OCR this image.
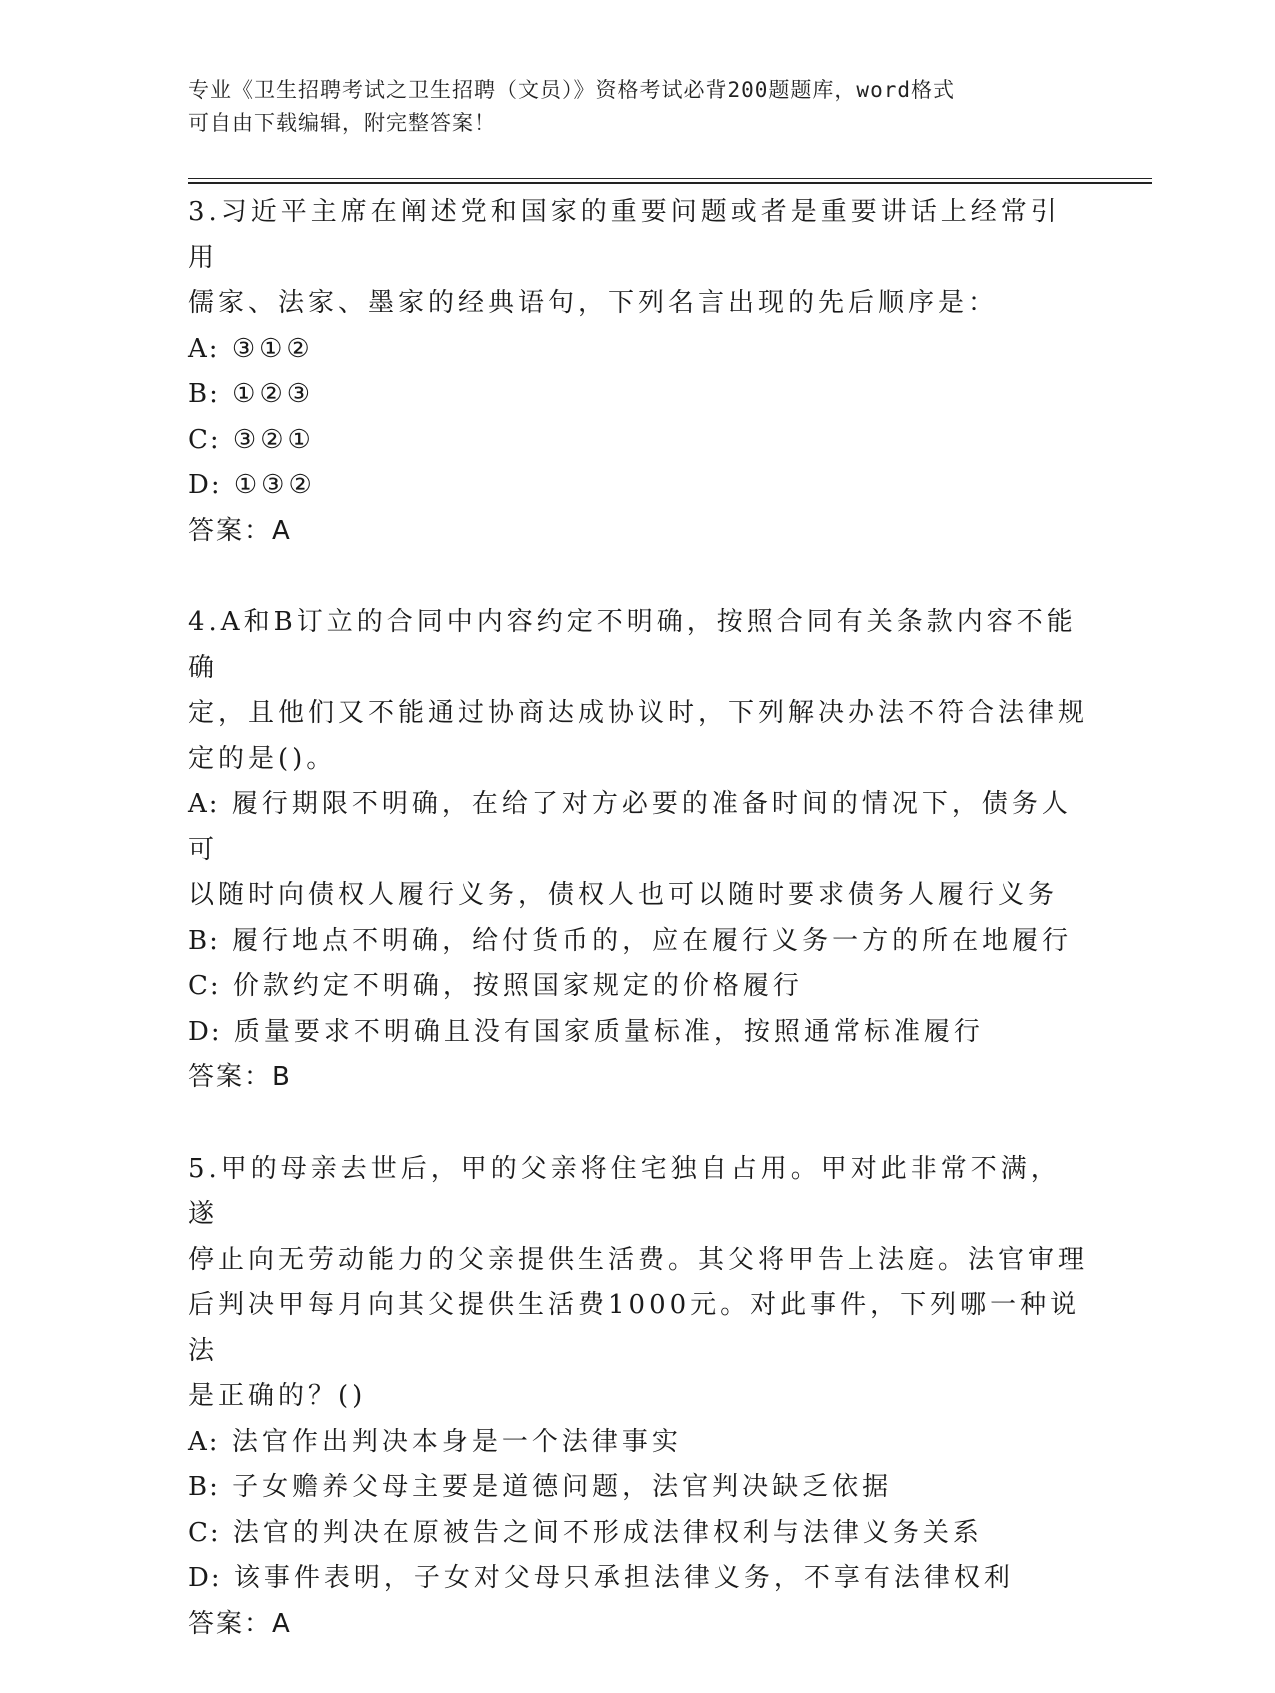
专业《卫生招聘考试之卫生招聘（文员）》资格考试必背200题题库，word格式
可自由下载编辑，附完整答案！
3.习近平主席在阐述党和国家的重要问题或者是重要讲话上经常引用
儒家、法家、墨家的经典语句，下列名言出现的先后顺序是：
A: ③①②
B: ①②③
C: ③②①
D: ①③②
答案：A
4.A和B订立的合同中内容约定不明确，按照合同有关条款内容不能确
定，且他们又不能通过协商达成协议时，下列解决办法不符合法律规
定的是()。
A: 履行期限不明确，在给了对方必要的准备时间的情况下，债务人可
以随时向债权人履行义务，债权人也可以随时要求债务人履行义务
B: 履行地点不明确，给付货币的，应在履行义务一方的所在地履行
C: 价款约定不明确，按照国家规定的价格履行
D: 质量要求不明确且没有国家质量标准，按照通常标准履行
答案：B
5.甲的母亲去世后，甲的父亲将住宅独自占用。甲对此非常不满，遂
停止向无劳动能力的父亲提供生活费。其父将甲告上法庭。法官审理
后判决甲每月向其父提供生活费1000元。对此事件，下列哪一种说法
是正确的？()
A: 法官作出判决本身是一个法律事实
B: 子女赡养父母主要是道德问题，法官判决缺乏依据
C: 法官的判决在原被告之间不形成法律权利与法律义务关系
D: 该事件表明，子女对父母只承担法律义务，不享有法律权利
答案：A
